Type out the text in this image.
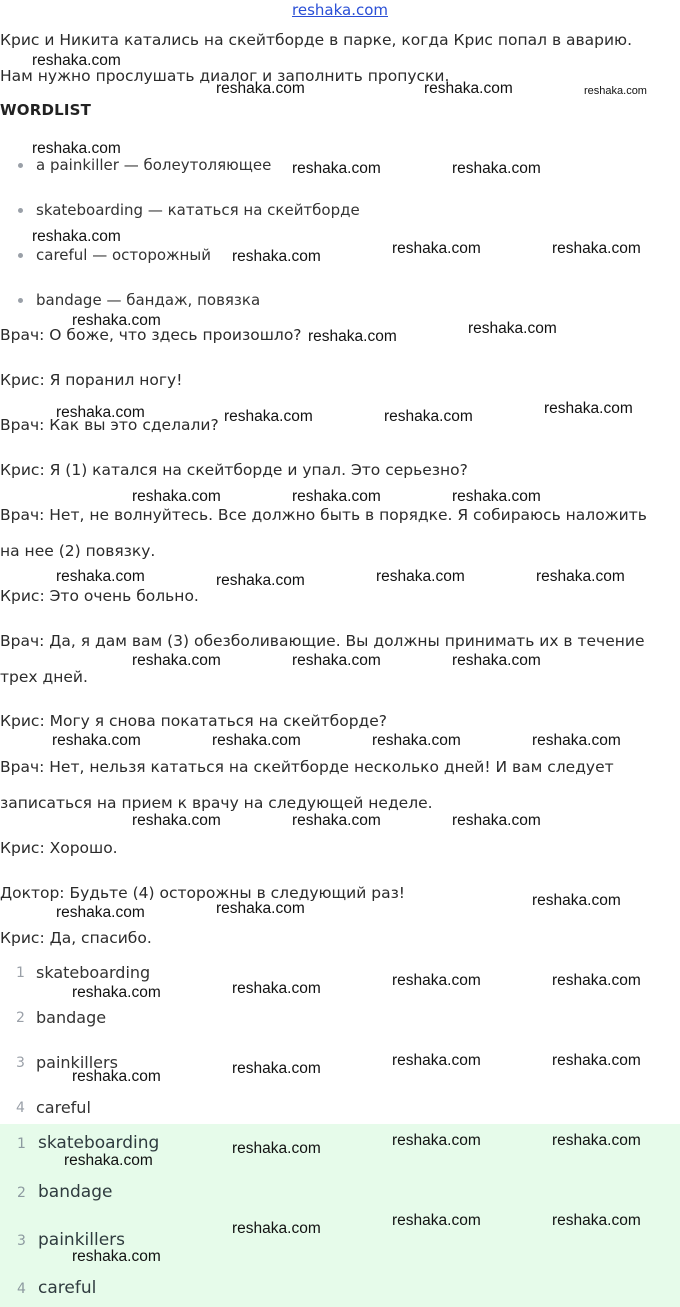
reshaka.com
Крис и Никита катались на скейтборде в парке, когда Крис попал в аварию.
Нам нужно прослушать диалог и заполнить пропуски.
WORDLIST
a painkiller — болеутоляющее
skateboarding — кататься на скейтборде
careful — осторожный
bandage — бандаж, повязка
Врач: О боже, что здесь произошло?
Крис: Я поранил ногу!
Врач: Как вы это сделали?
Крис: Я (1) катался на скейтборде и упал. Это серьезно?
Врач: Нет, не волнуйтесь. Все должно быть в порядке. Я собираюсь наложить
на нее (2) повязку.
Крис: Это очень больно.
Врач: Да, я дам вам (3) обезболивающие. Вы должны принимать их в течение
трех дней.
Крис: Могу я снова покататься на скейтборде?
Врач: Нет, нельзя кататься на скейтборде несколько дней! И вам следует
записаться на прием к врачу на следующей неделе.
Крис: Хорошо.
Доктор: Будьте (4) осторожны в следующий раз!
Крис: Да, спасибо.
1 skateboarding
2 bandage
3 painkillers
4 careful
1 skateboarding
2 bandage
3 painkillers
4 careful
reshaka.com
reshaka.com	reshaka.com	reshaka.com
reshaka.com
reshaka.com	reshaka.com
reshaka.com
reshaka.com	reshaka.com	reshaka.com
reshaka.com
reshaka.com	reshaka.com
reshaka.com	reshaka.com	reshaka.com	reshaka.com
reshaka.com	reshaka.com	reshaka.com
reshaka.com	reshaka.com	reshaka.com	reshaka.com
reshaka.com	reshaka.com	reshaka.com
reshaka.com	reshaka.com	reshaka.com	reshaka.com
reshaka.com	reshaka.com	reshaka.com
reshaka.com	reshaka.com	reshaka.com
reshaka.com	reshaka.com	reshaka.com	reshaka.com
reshaka.com	reshaka.com	reshaka.com	reshaka.com
reshaka.com
reshaka.com	reshaka.com	reshaka.com
reshaka.com
reshaka.com	reshaka.com	reshaka.com
